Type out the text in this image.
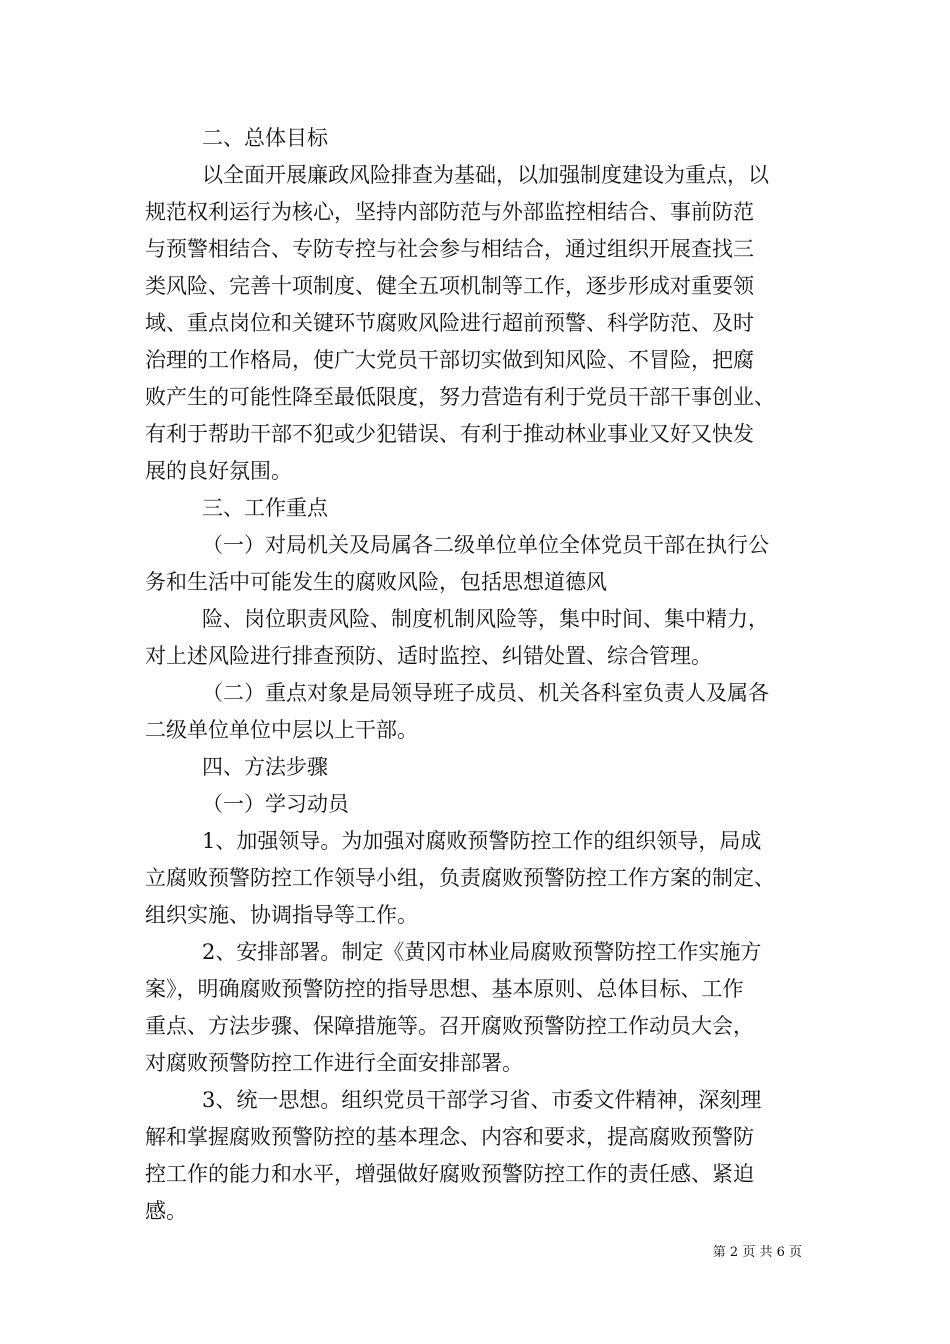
二、总体目标
以全面开展廉政风险排查为基础，以加强制度建设为重点，以
规范权利运行为核心，坚持内部防范与外部监控相结合、事前防范
与预警相结合、专防专控与社会参与相结合，通过组织开展查找三
类风险、完善十项制度、健全五项机制等工作，逐步形成对重要领
域、重点岗位和关键环节腐败风险进行超前预警、科学防范、及时
治理的工作格局，使广大党员干部切实做到知风险、不冒险，把腐
败产生的可能性降至最低限度，努力营造有利于党员干部干事创业、
有利于帮助干部不犯或少犯错误、有利于推动林业事业又好又快发
展的良好氛围。
三、工作重点
（一）对局机关及局属各二级单位单位全体党员干部在执行公
务和生活中可能发生的腐败风险，包括思想道德风
险、岗位职责风险、制度机制风险等，集中时间、集中精力，
对上述风险进行排查预防、适时监控、纠错处置、综合管理。
（二）重点对象是局领导班子成员、机关各科室负责人及属各
二级单位单位中层以上干部。
四、方法步骤
（一）学习动员
1、加强领导。为加强对腐败预警防控工作的组织领导，局成
立腐败预警防控工作领导小组，负责腐败预警防控工作方案的制定、
组织实施、协调指导等工作。
2、安排部署。制定《黄冈市林业局腐败预警防控工作实施方
案》，明确腐败预警防控的指导思想、基本原则、总体目标、工作
重点、方法步骤、保障措施等。召开腐败预警防控工作动员大会，
对腐败预警防控工作进行全面安排部署。
3、统一思想。组织党员干部学习省、市委文件精神，深刻理
解和掌握腐败预警防控的基本理念、内容和要求，提高腐败预警防
控工作的能力和水平，增强做好腐败预警防控工作的责任感、紧迫
感。
第 2 页 共 6 页
